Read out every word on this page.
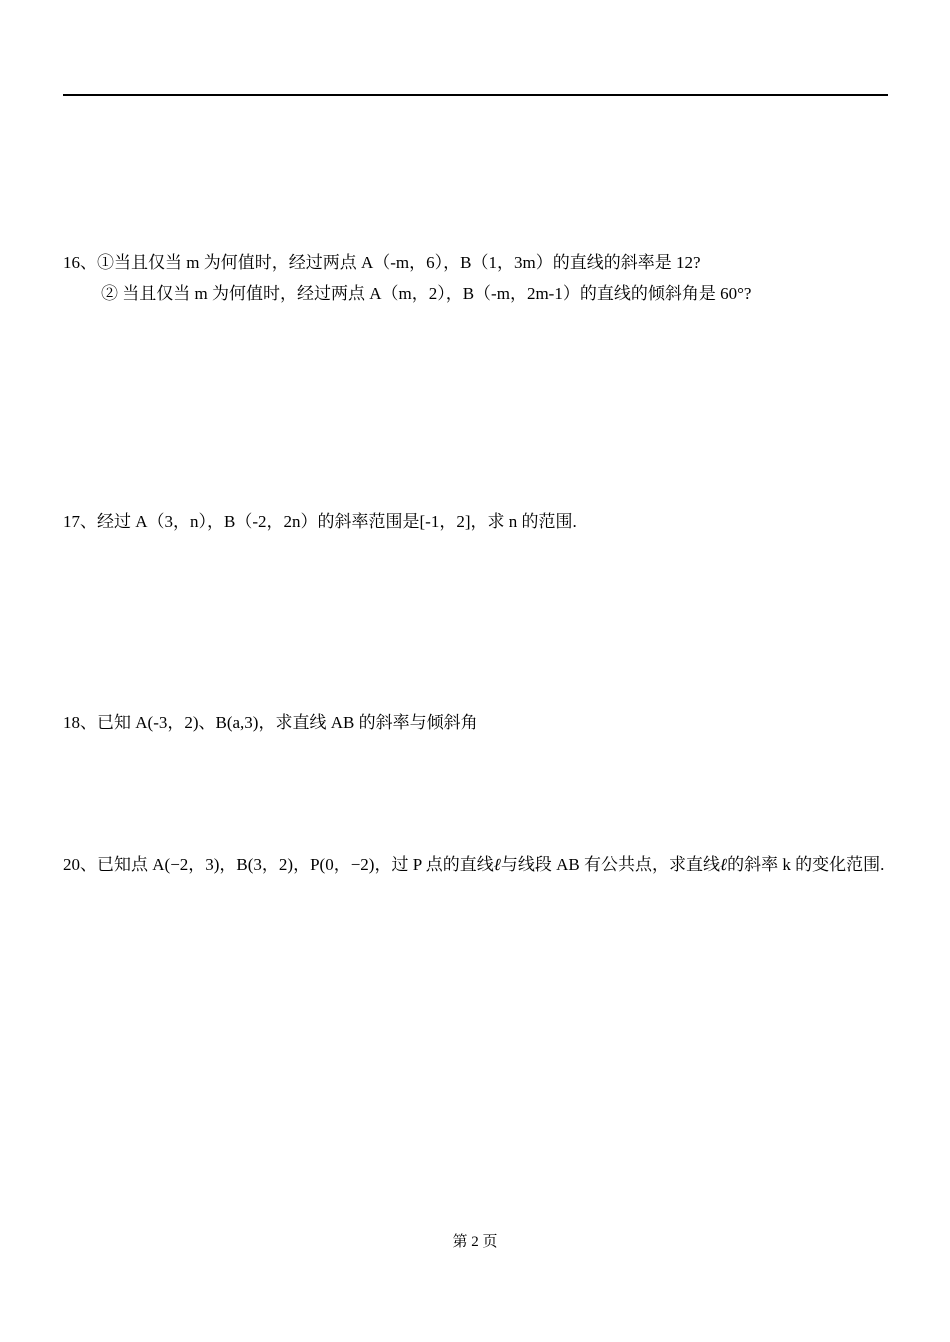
16、①当且仅当 m 为何值时，经过两点 A（-m，6），B（1，3m）的直线的斜率是 12?
② 当且仅当 m 为何值时，经过两点 A（m，2），B（-m，2m-1）的直线的倾斜角是 60°?
17、经过 A（3，n），B（-2，2n）的斜率范围是[-1，2]，求 n 的范围.
18、已知 A(-3，2)、B(a,3)，求直线 AB 的斜率与倾斜角
20、已知点 A(−2，3)，B(3，2)，P(0，−2)，过 P 点的直线ℓ与线段 AB 有公共点，求直线ℓ的斜率 k 的变化范围.
第 2 页
